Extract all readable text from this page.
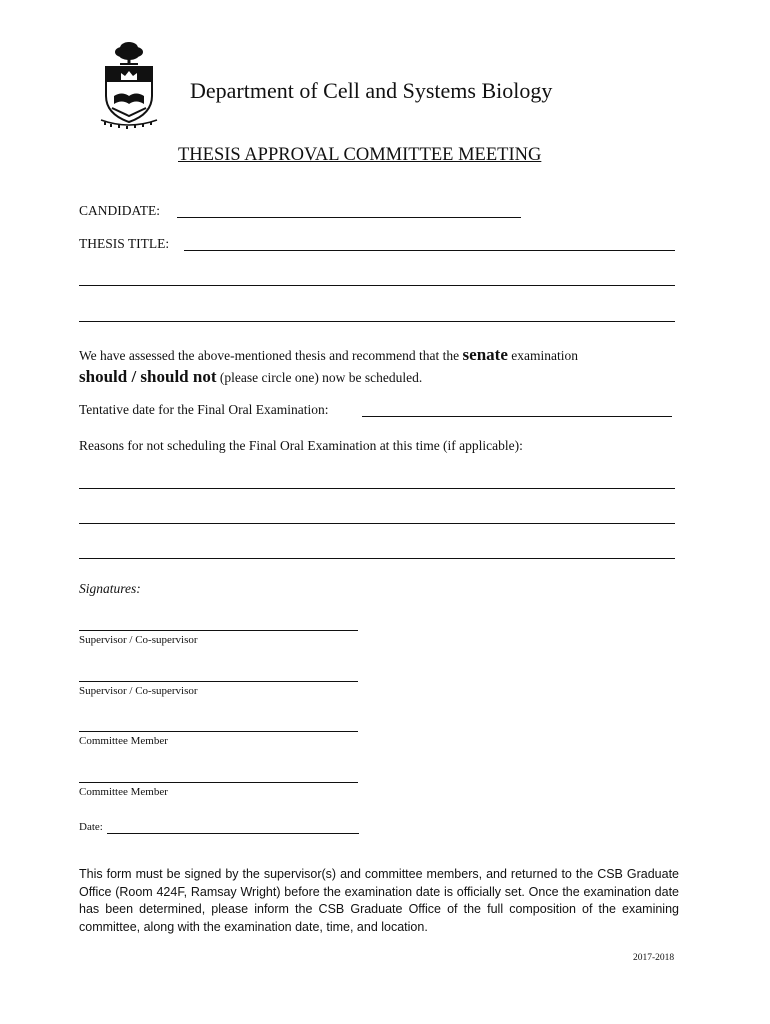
Department of Cell and Systems Biology
THESIS APPROVAL COMMITTEE MEETING
CANDIDATE:
THESIS TITLE:
We have assessed the above-mentioned thesis and recommend that the senate examination
should / should not (please circle one) now be scheduled.
Tentative date for the Final Oral Examination:
Reasons for not scheduling the Final Oral Examination at this time (if applicable):
Signatures:
Supervisor / Co-supervisor
Supervisor / Co-supervisor
Committee Member
Committee Member
Date:
This form must be signed by the supervisor(s) and committee members, and returned to the CSB Graduate Office (Room 424F, Ramsay Wright) before the examination date is officially set. Once the examination date has been determined, please inform the CSB Graduate Office of the full composition of the examining committee, along with the examination date, time, and location.
2017-2018
